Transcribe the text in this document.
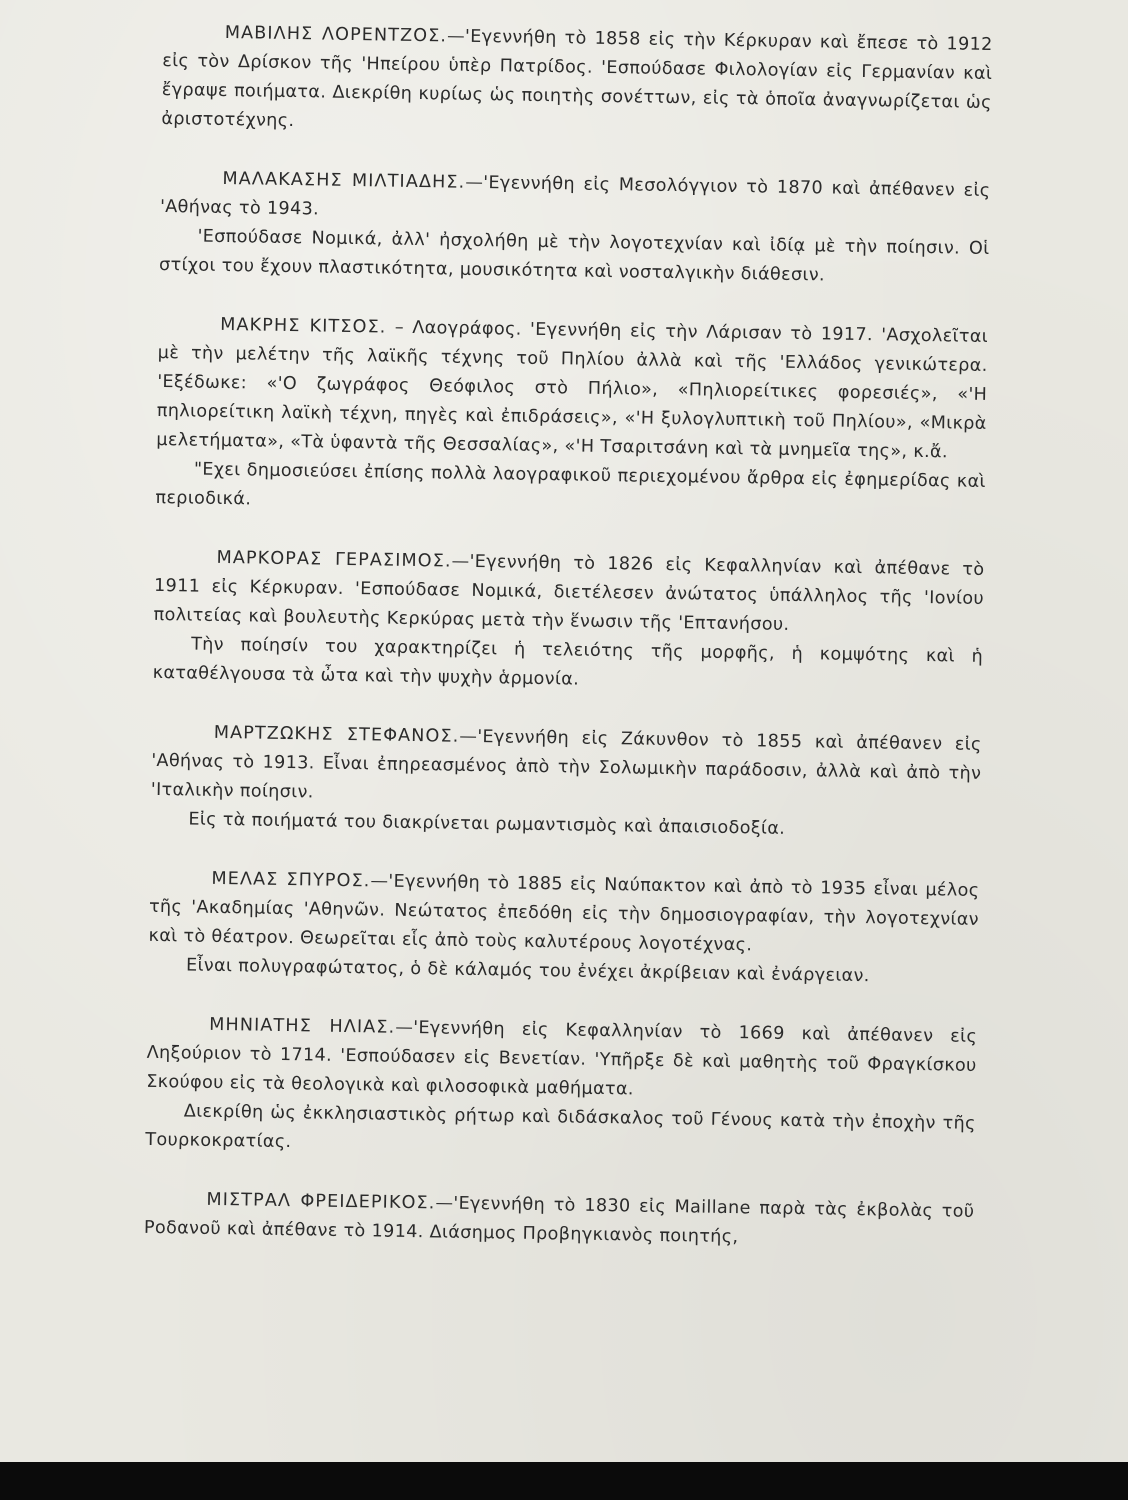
ΜΑΒΙΛΗΣ ΛΟΡΕΝΤΖΟΣ.—'Εγεννήθη τὸ 1858 εἰς τὴν Κέρκυραν καὶ ἔπεσε τὸ 1912 εἰς τὸν Δρίσκον τῆς 'Ηπείρου ὑπὲρ Πατρίδος. 'Εσπούδασε Φιλολογίαν εἰς Γερμανίαν καὶ ἔγραψε ποιήματα. Διεκρίθη κυρίως ὡς ποιητὴς σονέττων, εἰς τὰ ὁποῖα ἀναγνωρίζεται ὡς ἀριστοτέχνης.

ΜΑΛΑΚΑΣΗΣ ΜΙΛΤΙΑΔΗΣ.—'Εγεννήθη εἰς Μεσολόγγιον τὸ 1870 καὶ ἀπέθανεν εἰς 'Αθήνας τὸ 1943.

'Εσπούδασε Νομικά, ἀλλ' ἠσχολήθη μὲ τὴν λογοτεχνίαν καὶ ἰδίᾳ μὲ τὴν ποίησιν. Οἱ στίχοι του ἔχουν πλαστικότητα, μουσικότητα καὶ νοσταλγικὴν διάθεσιν.

ΜΑΚΡΗΣ ΚΙΤΣΟΣ. – Λαογράφος. 'Εγεννήθη εἰς τὴν Λάρισαν τὸ 1917. 'Ασχολεῖται μὲ τὴν μελέτην τῆς λαϊκῆς τέχνης τοῦ Πηλίου ἀλλὰ καὶ τῆς 'Ελλάδος γενικώτερα. 'Εξέδωκε: «'Ο ζωγράφος Θεόφιλος στὸ Πήλιο», «Πηλιορείτικες φορεσιές», «'Η πηλιορείτικη λαϊκὴ τέχνη, πηγὲς καὶ ἐπιδράσεις», «'Η ξυλογλυπτικὴ τοῦ Πηλίου», «Μικρὰ μελετήματα», «Τὰ ὑφαντὰ τῆς Θεσσαλίας», «'Η Τσαριτσάνη καὶ τὰ μνημεῖα της», κ.ἄ.

"Εχει δημοσιεύσει ἐπίσης πολλὰ λαογραφικοῦ περιεχομένου ἄρθρα εἰς ἐφημερίδας καὶ περιοδικά.

ΜΑΡΚΟΡΑΣ ΓΕΡΑΣΙΜΟΣ.—'Εγεννήθη τὸ 1826 εἰς Κεφαλληνίαν καὶ ἀπέθανε τὸ 1911 εἰς Κέρκυραν. 'Εσπούδασε Νομικά, διετέλεσεν ἀνώτατος ὑπάλληλος τῆς 'Ιονίου πολιτείας καὶ βουλευτὴς Κερκύρας μετὰ τὴν ἕνωσιν τῆς 'Επτανήσου.

Τὴν ποίησίν του χαρακτηρίζει ἡ τελειότης τῆς μορφῆς, ἡ κομψότης καὶ ἡ καταθέλγουσα τὰ ὦτα καὶ τὴν ψυχὴν ἁρμονία.

ΜΑΡΤΖΩΚΗΣ ΣΤΕΦΑΝΟΣ.—'Εγεννήθη εἰς Ζάκυνθον τὸ 1855 καὶ ἀπέθανεν εἰς 'Αθήνας τὸ 1913. Εἶναι ἐπηρεασμένος ἀπὸ τὴν Σολωμικὴν παράδοσιν, ἀλλὰ καὶ ἀπὸ τὴν 'Ιταλικὴν ποίησιν.

Εἰς τὰ ποιήματά του διακρίνεται ρωμαντισμὸς καὶ ἀπαισιοδοξία.

ΜΕΛΑΣ ΣΠΥΡΟΣ.—'Εγεννήθη τὸ 1885 εἰς Ναύπακτον καὶ ἀπὸ τὸ 1935 εἶναι μέλος τῆς 'Ακαδημίας 'Αθηνῶν. Νεώτατος ἐπεδόθη εἰς τὴν δημοσιογραφίαν, τὴν λογοτεχνίαν καὶ τὸ θέατρον. Θεωρεῖται εἷς ἀπὸ τοὺς καλυτέρους λογοτέχνας.

Εἶναι πολυγραφώτατος, ὁ δὲ κάλαμός του ἐνέχει ἀκρίβειαν καὶ ἐνάργειαν.

ΜΗΝΙΑΤΗΣ ΗΛΙΑΣ.—'Εγεννήθη εἰς Κεφαλληνίαν τὸ 1669 καὶ ἀπέθανεν εἰς Ληξούριον τὸ 1714. 'Εσπούδασεν εἰς Βενετίαν. 'Υπῆρξε δὲ καὶ μαθητὴς τοῦ Φραγκίσκου Σκούφου εἰς τὰ θεολογικὰ καὶ φιλοσοφικὰ μαθήματα.

Διεκρίθη ὡς ἐκκλησιαστικὸς ρήτωρ καὶ διδάσκαλος τοῦ Γένους κατὰ τὴν ἐποχὴν τῆς Τουρκοκρατίας.

ΜΙΣΤΡΑΛ ΦΡΕΙΔΕΡΙΚΟΣ.—'Εγεννήθη τὸ 1830 εἰς Maillane παρὰ τὰς ἐκβολὰς τοῦ Ροδανοῦ καὶ ἀπέθανε τὸ 1914. Διάσημος Προβηγκιανὸς ποιητής,
